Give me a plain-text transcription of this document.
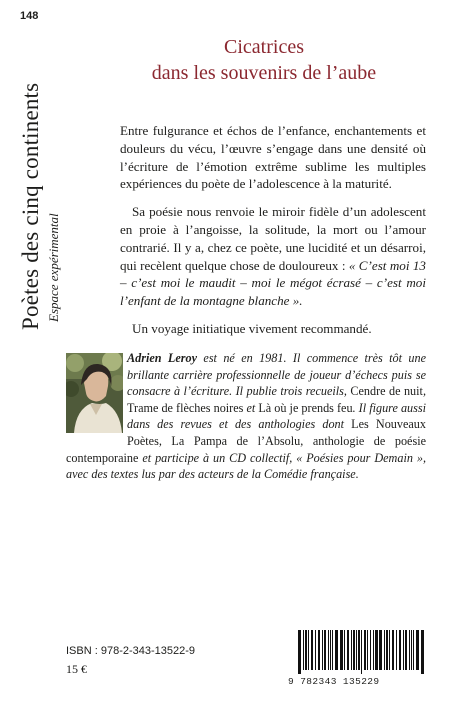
148
Poètes des cinq continents Espace expérimental
Cicatrices
dans les souvenirs de l’aube

Entre fulgurance et échos de l’enfance, enchantements et douleurs du vécu, l’œuvre s’engage dans une densité où l’écriture de l’émotion extrême sublime les multiples expériences du poète de l’adolescence à la maturité.

Sa poésie nous renvoie le miroir fidèle d’un adolescent en proie à l’angoisse, la solitude, la mort ou l’amour contrarié. Il y a, chez ce poète, une lucidité et un désarroi, qui recèlent quelque chose de douloureux : « C’est moi 13 – c’est moi le maudit – moi le mégot écrasé – c’est moi l’enfant de la montagne blanche ».

Un voyage initiatique vivement recommandé.

Adrien Leroy est né en 1981. Il commence très tôt une brillante carrière professionnelle de joueur d’échecs puis se consacre à l’écriture. Il publie trois recueils, Cendre de nuit, Trame de flèches noires et Là où je prends feu. Il figure aussi dans des revues et des anthologies dont Les Nouveaux Poètes, La Pampa de l’Absolu, anthologie de poésie contemporaine et participe à un CD collectif, « Poésies pour Demain », avec des textes lus par des acteurs de la Comédie française.
ISBN : 978-2-343-13522-9
15 €
9 782343 135229
